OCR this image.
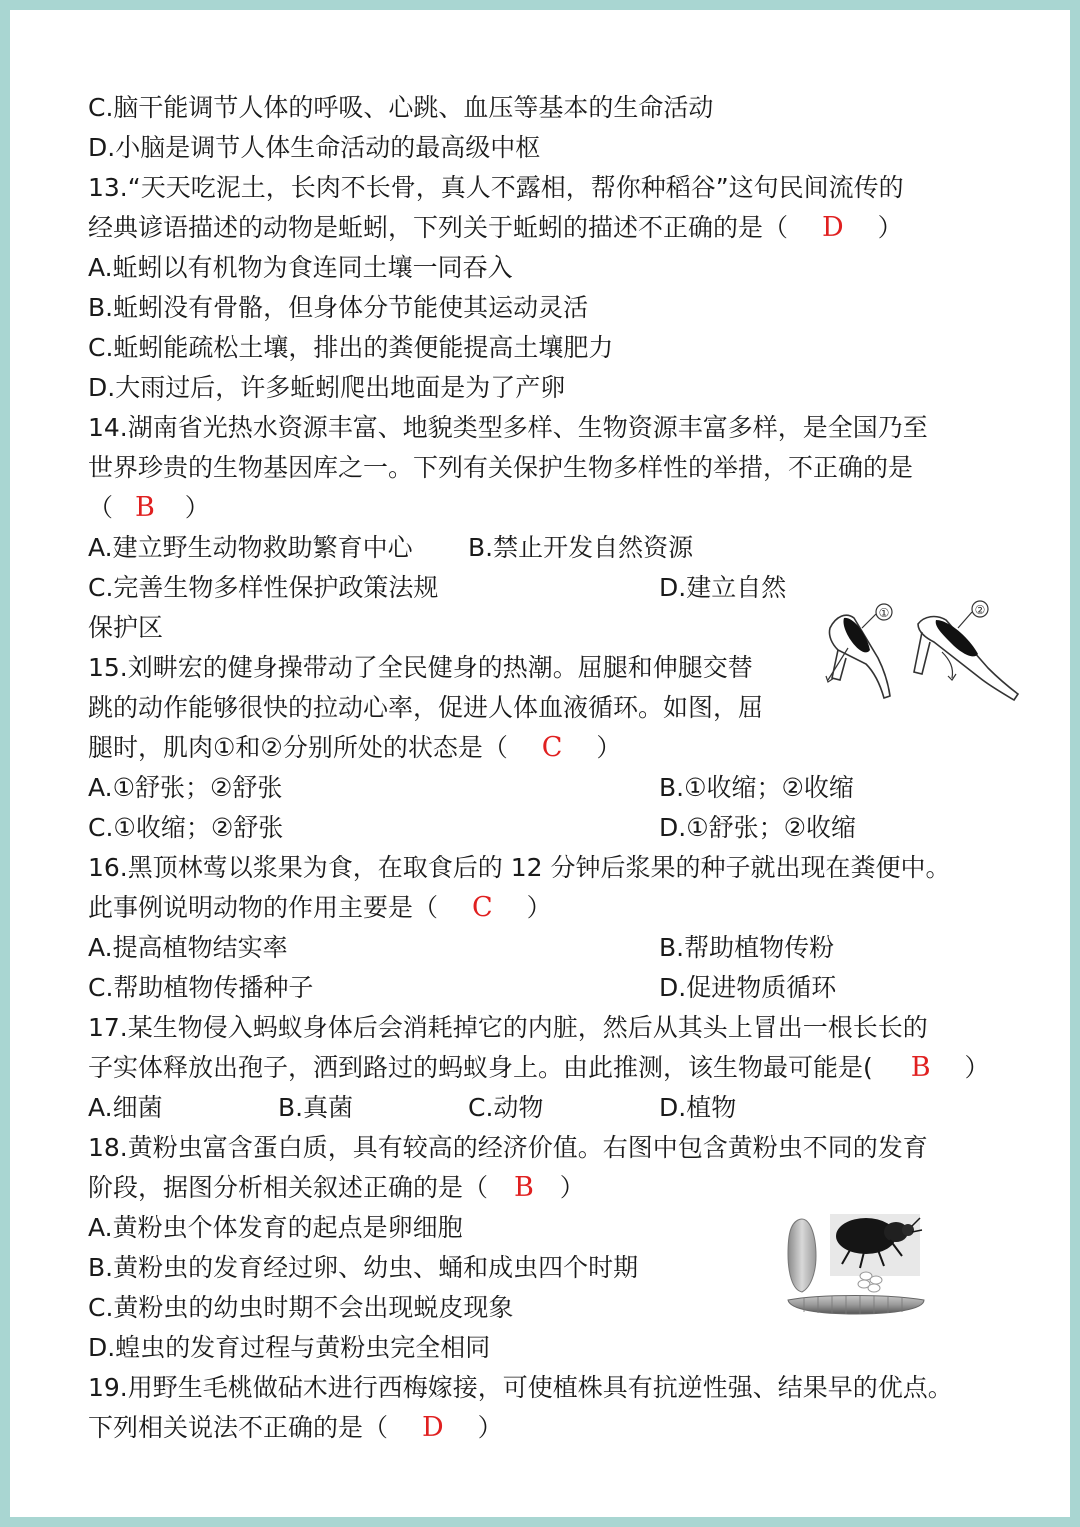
C.脑干能调节人体的呼吸、心跳、血压等基本的生命活动
D.小脑是调节人体生命活动的最高级中枢
13.“天天吃泥土，长肉不长骨，真人不露相，帮你种稻谷”这句民间流传的
经典谚语描述的动物是蚯蚓，下列关于蚯蚓的描述不正确的是（ D ）
A.蚯蚓以有机物为食连同土壤一同吞入
B.蚯蚓没有骨骼，但身体分节能使其运动灵活
C.蚯蚓能疏松土壤，排出的粪便能提高土壤肥力
D.大雨过后，许多蚯蚓爬出地面是为了产卵
14.湖南省光热水资源丰富、地貌类型多样、生物资源丰富多样，是全国乃至
世界珍贵的生物基因库之一。下列有关保护生物多样性的举措，不正确的是
（ B ）
A.建立野生动物救助繁育中心 B.禁止开发自然资源
C.完善生物多样性保护政策法规	D.建立自然
保护区
15.刘畊宏的健身操带动了全民健身的热潮。屈腿和伸腿交替
跳的动作能够很快的拉动心率，促进人体血液循环。如图，屈
腿时，肌肉①和②分别所处的状态是（ C ）
A.①舒张；②舒张	B.①收缩；②收缩
C.①收缩；②舒张	D.①舒张；②收缩
16.黑顶林莺以浆果为食，在取食后的 12 分钟后浆果的种子就出现在粪便中。
此事例说明动物的作用主要是（ C ）
A.提高植物结实率	B.帮助植物传粉
C.帮助植物传播种子	D.促进物质循环
17.某生物侵入蚂蚁身体后会消耗掉它的内脏，然后从其头上冒出一根长长的
子实体释放出孢子，洒到路过的蚂蚁身上。由此推测，该生物最可能是( B ）
A.细菌	B.真菌	C.动物	D.植物
18.黄粉虫富含蛋白质，具有较高的经济价值。右图中包含黄粉虫不同的发育
阶段，据图分析相关叙述正确的是（ B ）
A.黄粉虫个体发育的起点是卵细胞
B.黄粉虫的发育经过卵、幼虫、蛹和成虫四个时期
C.黄粉虫的幼虫时期不会出现蜕皮现象
D.蝗虫的发育过程与黄粉虫完全相同
19.用野生毛桃做砧木进行西梅嫁接，可使植株具有抗逆性强、结果早的优点。
下列相关说法不正确的是（ D ）
①	②
